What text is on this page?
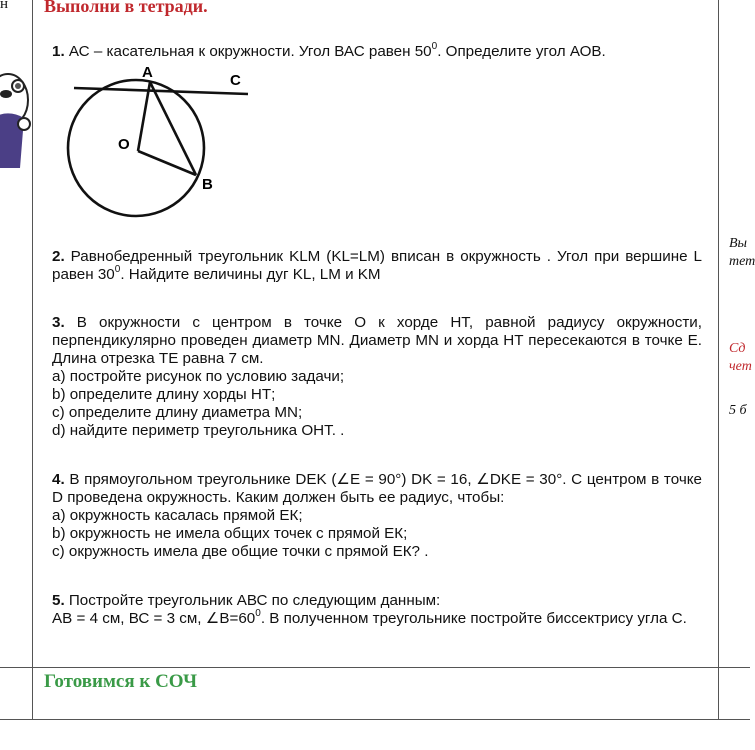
н Выполни в тетради.

1. АС – касательная к окружности. Угол ВАС равен $50^0$. Определите угол АОВ.

A	C
O
B

2. Равнобедренный треугольник KLM (KL=LM) вписан в окружность . Угол при вершине L равен $30^0$. Найдите величины дуг KL, LM и KM

3. В окружности с центром в точке О к хорде НТ, равной радиусу окружности, перпендикулярно проведен диаметр MN. Диаметр MN и хорда НТ пересекаются в точке Е. Длина отрезка ТЕ равна 7 см.

a) постройте рисунок по условию задачи;

b) определите длину хорды НТ;

c) определите длину диаметра MN;

d) найдите периметр треугольника ОНТ. .

4. В прямоугольном треугольнике DEK (∠E = 90°) DK = 16, ∠DKE = 30°. С центром в точке D проведена окружность. Каким должен быть ее радиус, чтобы:

a) окружность касалась прямой ЕК;

b) окружность не имела общих точек с прямой ЕК;

c) окружность имела две общие точки с прямой ЕК? .

5. Постройте треугольник АВС по следующим данным:

АВ = 4 см, ВС = 3 см, $\angle B=60^0$. В полученном треугольнике постройте биссектрису угла С.

Вы
тет
Сд
чет
5 б
Готовимся к СОЧ
